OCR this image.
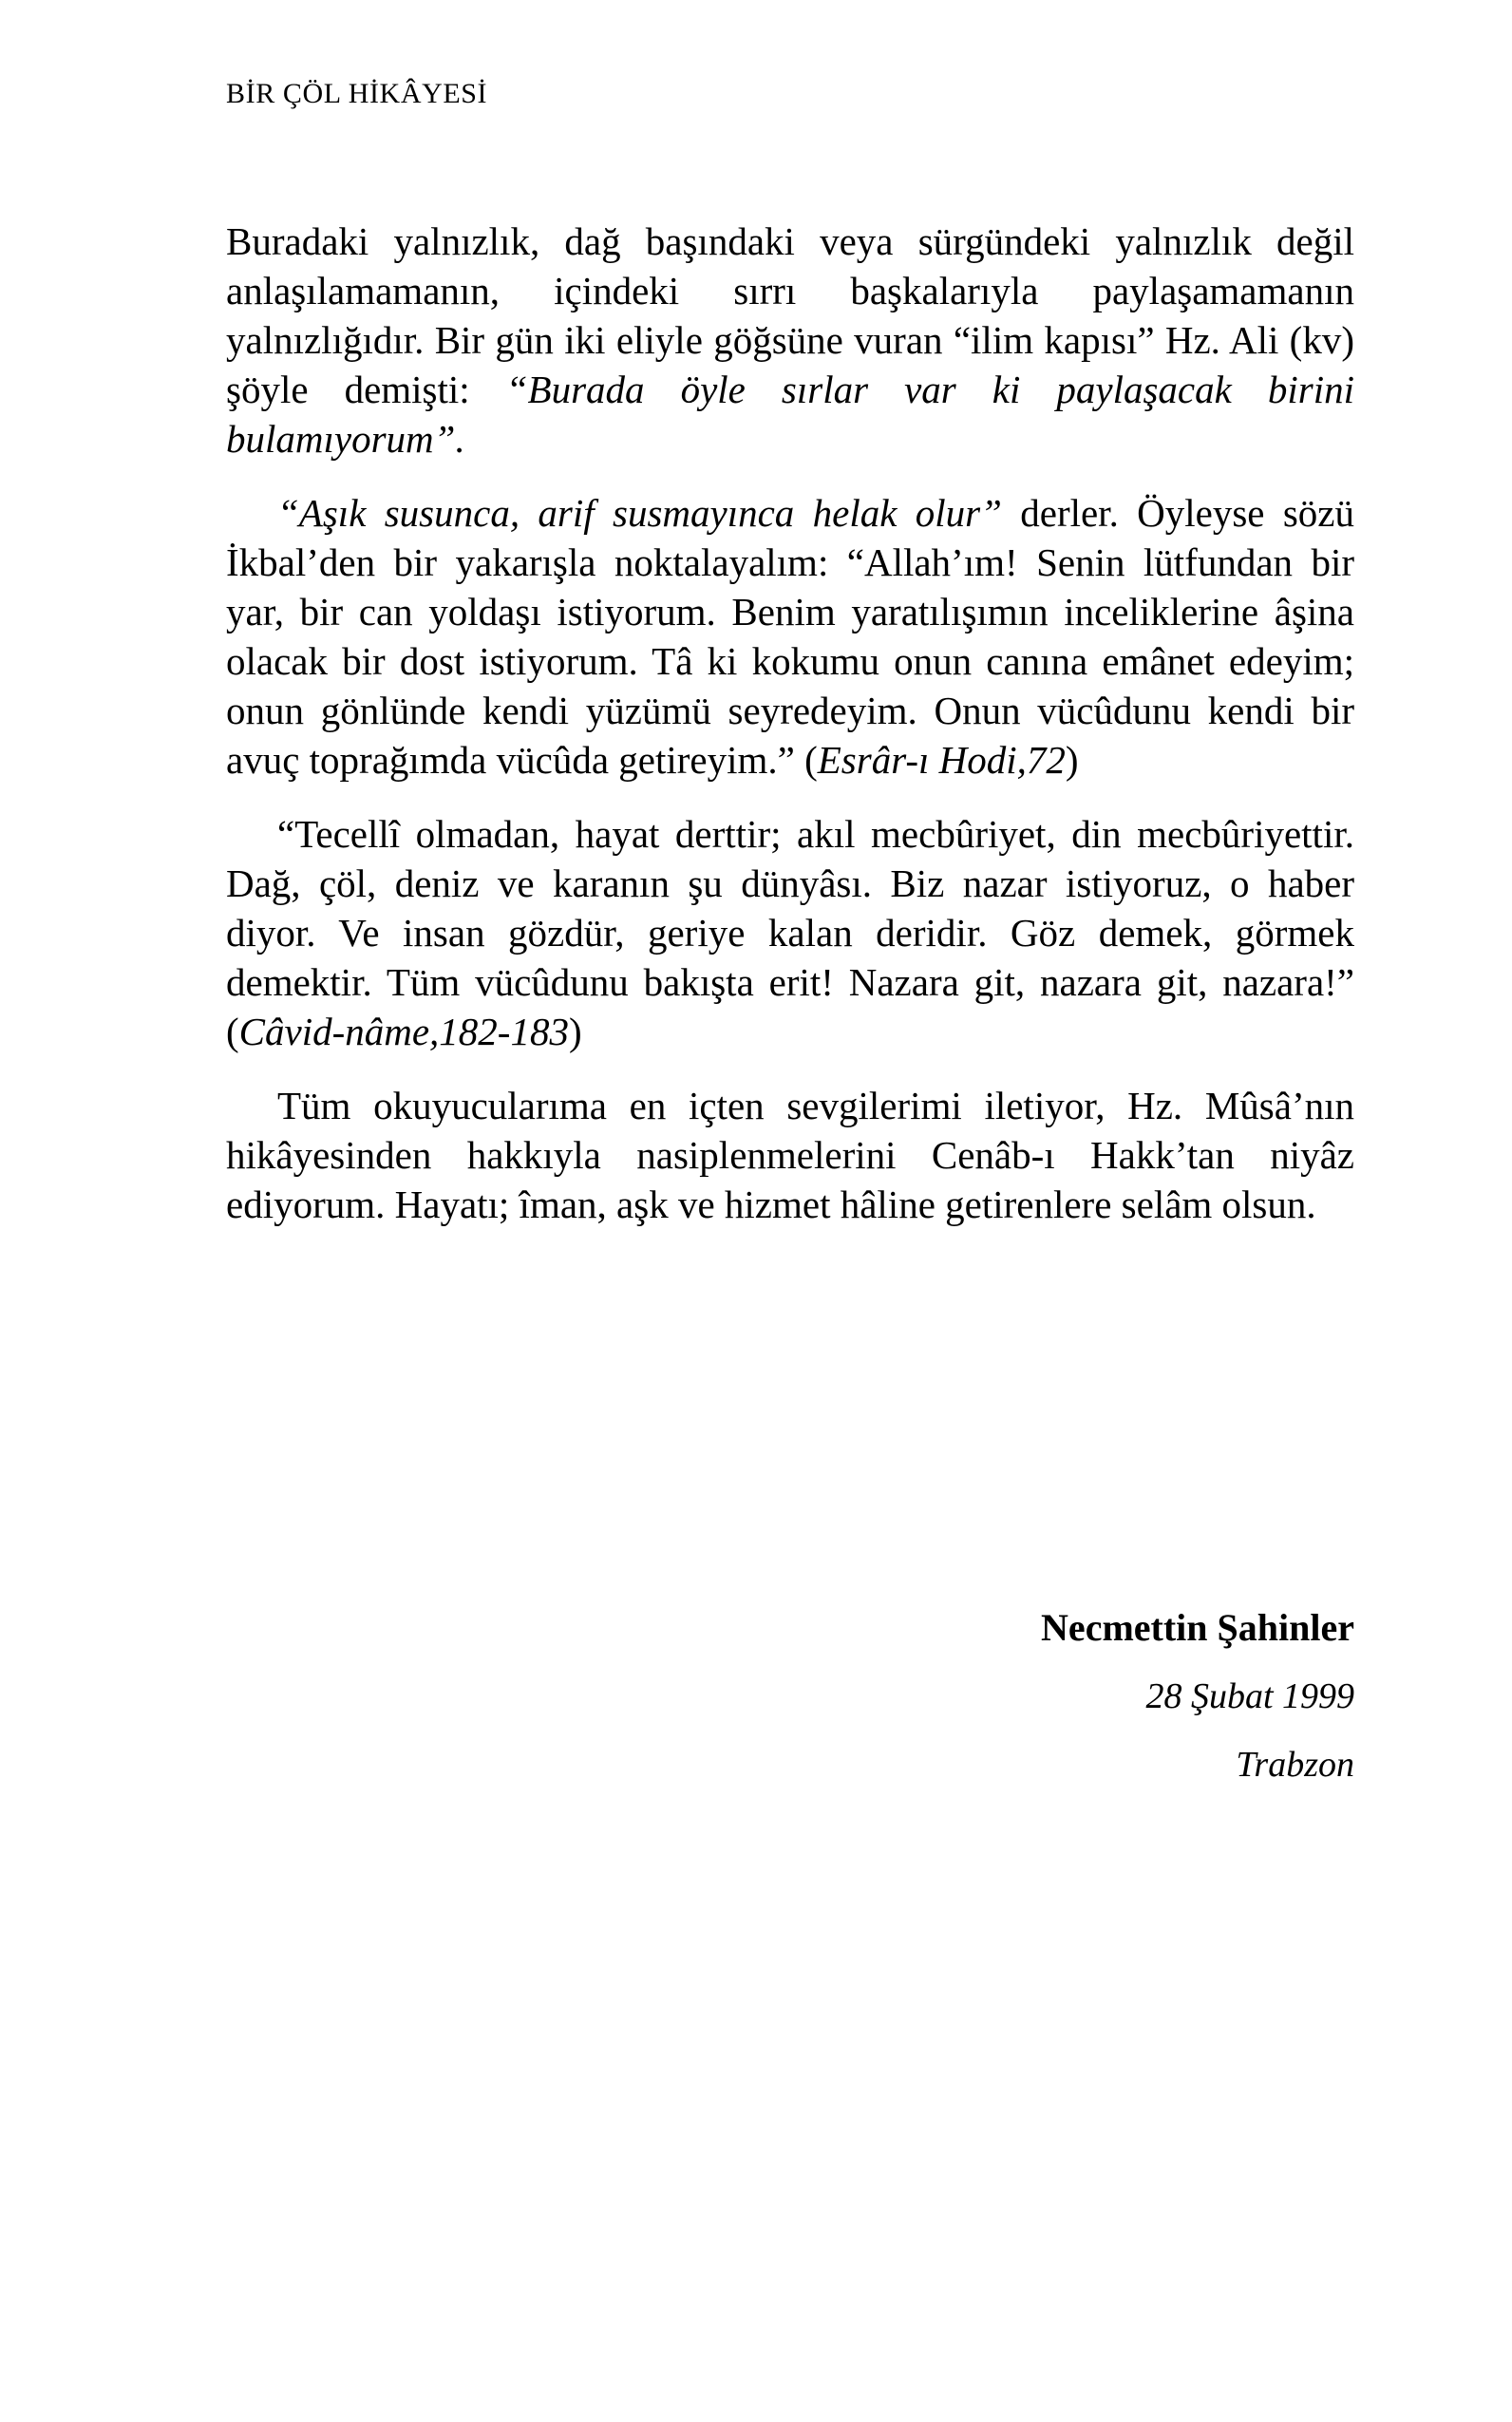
BİR ÇÖL HİKÂYESİ

Buradaki yalnızlık, dağ başındaki veya sürgündeki yalnızlık değil anlaşılamamanın, içindeki sırrı başkalarıyla paylaşamamanın yalnızlığıdır. Bir gün iki eliyle göğsüne vuran “ilim kapısı” Hz. Ali (kv) şöyle demişti: “Burada öyle sırlar var ki paylaşacak birini bulamıyorum”.

“Aşık susunca, arif susmayınca helak olur” derler. Öyleyse sözü İkbal’den bir yakarışla noktalayalım: “Allah’ım! Senin lütfundan bir yar, bir can yoldaşı istiyorum. Benim yaratılışımın inceliklerine âşina olacak bir dost istiyorum. Tâ ki kokumu onun canına emânet edeyim; onun gönlünde kendi yüzümü seyredeyim. Onun vücûdunu kendi bir avuç toprağımda vücûda getireyim.” (Esrâr-ı Hodi,72)

“Tecellî olmadan, hayat derttir; akıl mecbûriyet, din mecbûriyettir. Dağ, çöl, deniz ve karanın şu dünyâsı. Biz nazar istiyoruz, o haber diyor. Ve insan gözdür, geriye kalan deridir. Göz demek, görmek demektir. Tüm vücûdunu bakışta erit! Nazara git, nazara git, nazara!” (Câvid-nâme,182-183)

Tüm okuyucularıma en içten sevgilerimi iletiyor, Hz. Mûsâ’nın hikâyesinden hakkıyla nasiplenmelerini Cenâb-ı Hakk’tan niyâz ediyorum. Hayatı; îman, aşk ve hizmet hâline getirenlere selâm olsun.

Necmettin Şahinler

28 Şubat 1999

Trabzon
